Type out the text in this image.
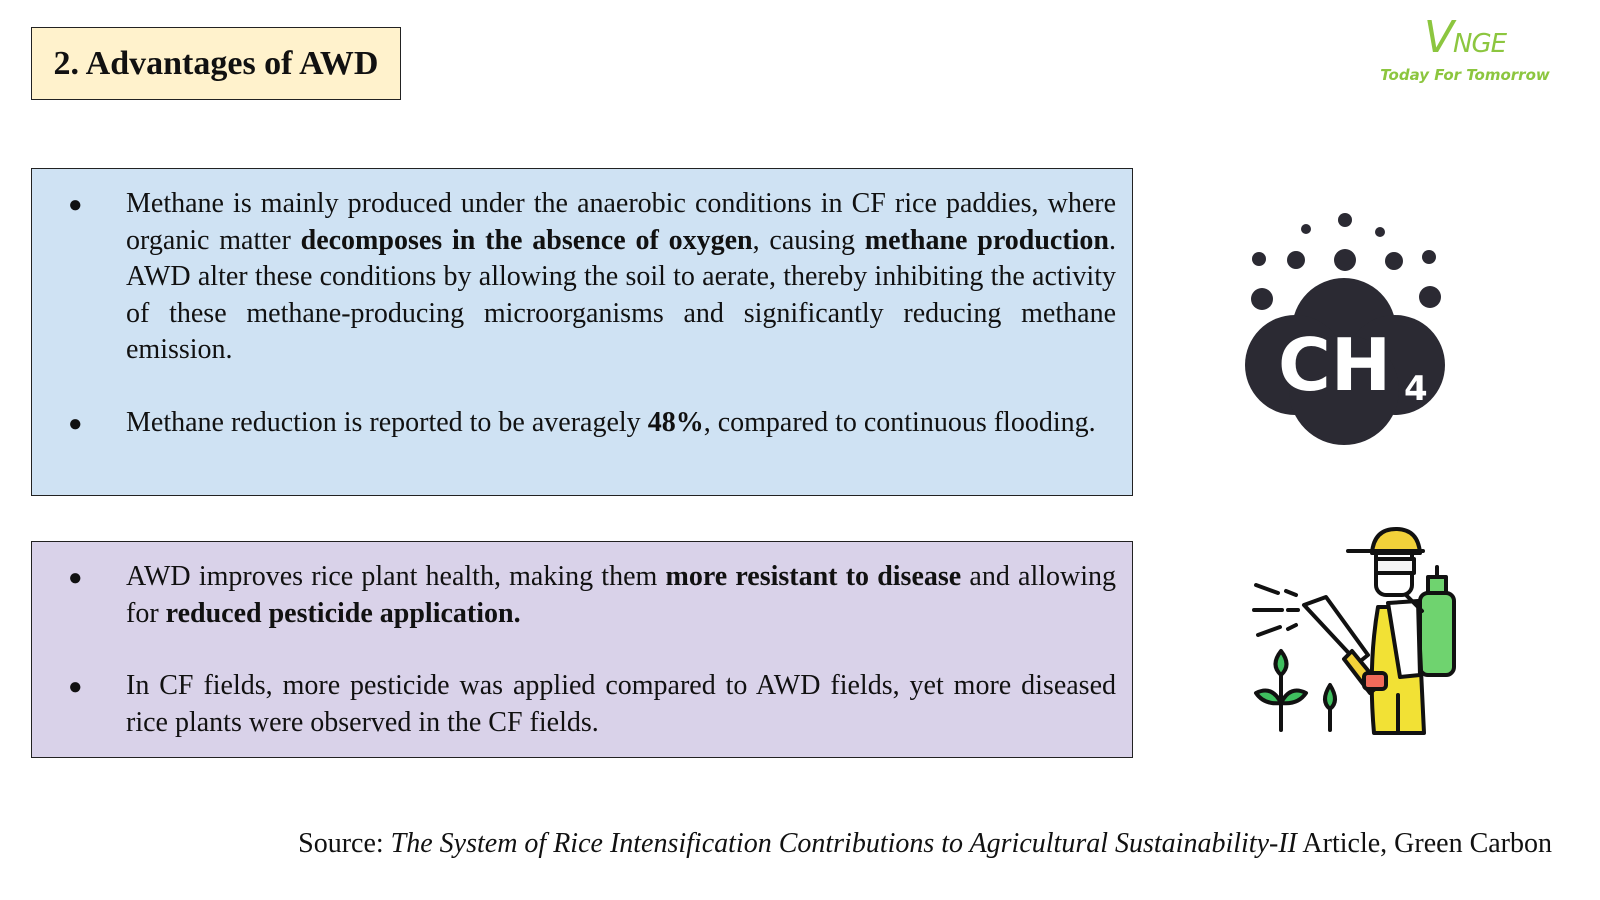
2. Advantages of AWD	VNGE
Today For Tomorrow
● Methane is mainly produced under the anaerobic conditions in CF rice paddies, where organic matter decomposes in the absence of oxygen, causing methane production. AWD alter these conditions by allowing the soil to aerate, thereby inhibiting the activity of these methane-producing microorganisms and significantly reducing methane emission.
● Methane reduction is reported to be averagely 48%, compared to continuous flooding.
● AWD improves rice plant health, making them more resistant to disease and allowing for reduced pesticide application.
● In CF fields, more pesticide was applied compared to AWD fields, yet more diseased rice plants were observed in the CF fields.
CH 4
Source: The System of Rice Intensification Contributions to Agricultural Sustainability-II Article, Green Carbon
